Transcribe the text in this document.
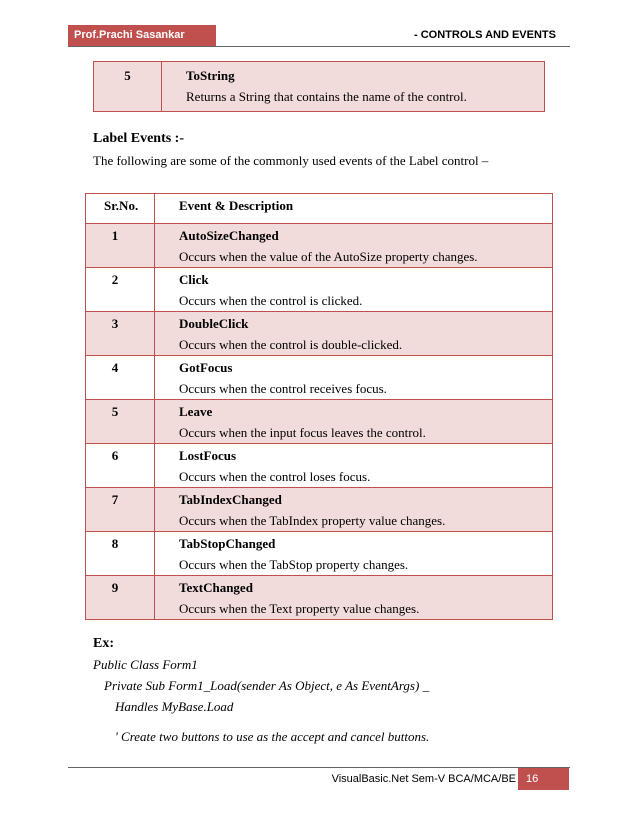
Prof.Prachi Sasankar	- CONTROLS AND EVENTS
5	ToString
Returns a String that contains the name of the control.
Label Events :-
The following are some of the commonly used events of the Label control –
Sr.No.	Event & Description
1	AutoSizeChanged
Occurs when the value of the AutoSize property changes.

2	Click
Occurs when the control is clicked.

3	DoubleClick
Occurs when the control is double-clicked.

4	GotFocus
Occurs when the control receives focus.

5	Leave
Occurs when the input focus leaves the control.

6	LostFocus
Occurs when the control loses focus.

7	TabIndexChanged
Occurs when the TabIndex property value changes.

8	TabStopChanged
Occurs when the TabStop property changes.

9	TextChanged
Occurs when the Text property value changes.
Ex:
Public Class Form1
Private Sub Form1_Load(sender As Object, e As EventArgs) _
Handles MyBase.Load
' Create two buttons to use as the accept and cancel buttons.
VisualBasic.Net Sem-V BCA/MCA/BE 16
